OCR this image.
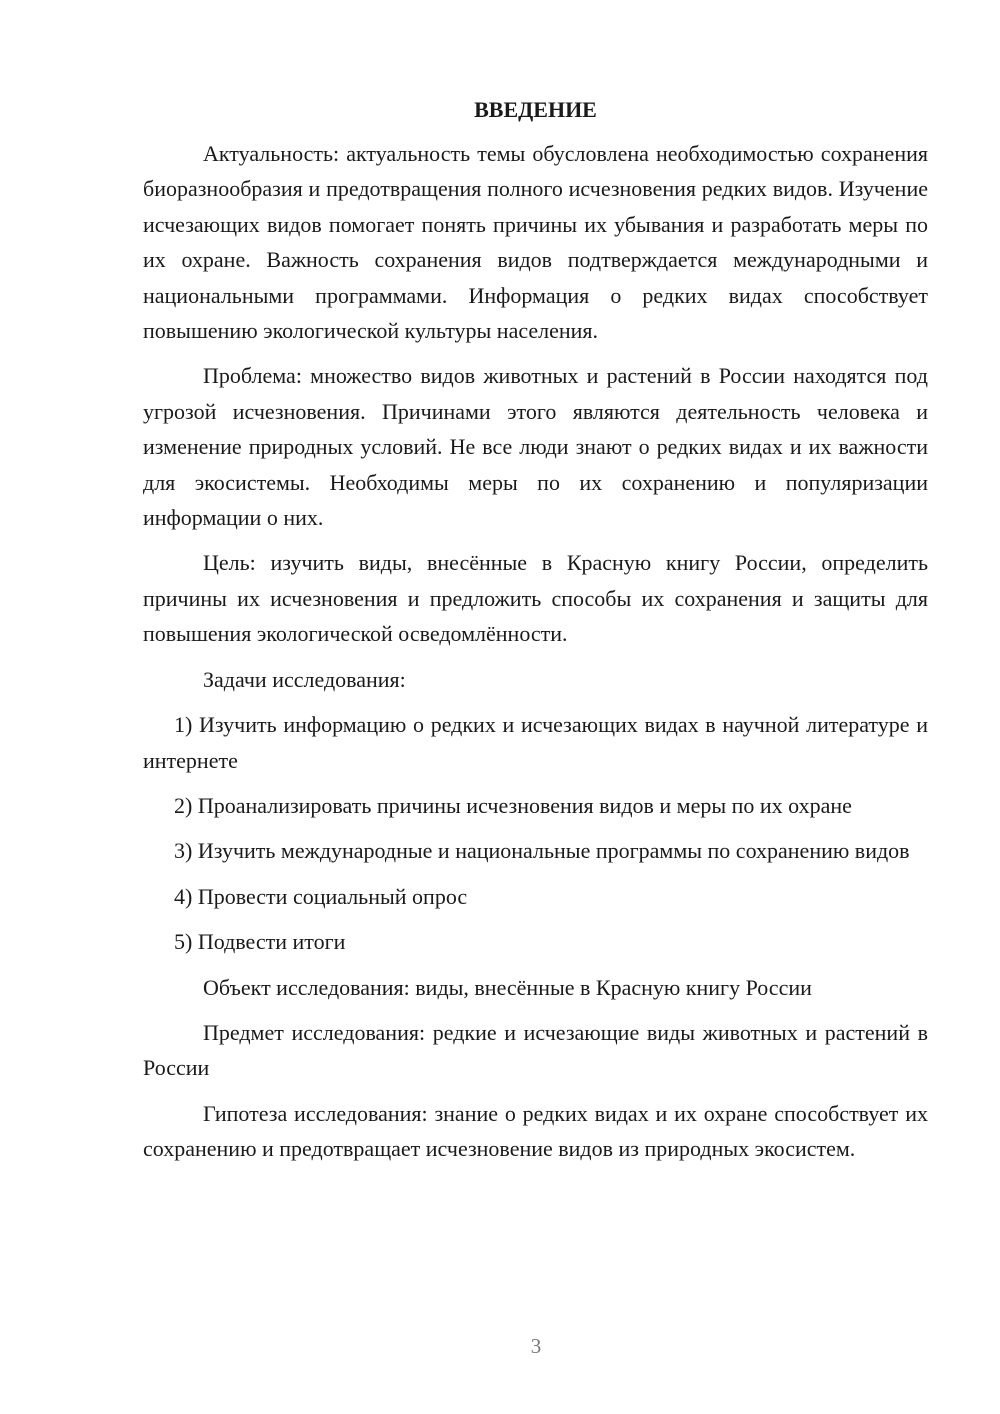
ВВЕДЕНИЕ

Актуальность: актуальность темы обусловлена необходимостью сохранения биоразнообразия и предотвращения полного исчезновения редких видов. Изучение исчезающих видов помогает понять причины их убывания и разработать меры по их охране. Важность сохранения видов подтверждается международными и национальными программами. Информация о редких видах способствует повышению экологической культуры населения.

Проблема: множество видов животных и растений в России находятся под угрозой исчезновения. Причинами этого являются деятельность человека и изменение природных условий. Не все люди знают о редких видах и их важности для экосистемы. Необходимы меры по их сохранению и популяризации информации о них.

Цель: изучить виды, внесённые в Красную книгу России, определить причины их исчезновения и предложить способы их сохранения и защиты для повышения экологической осведомлённости.

Задачи исследования:

1) Изучить информацию о редких и исчезающих видах в научной литературе и интернете

2) Проанализировать причины исчезновения видов и меры по их охране

3) Изучить международные и национальные программы по сохранению видов

4) Провести социальный опрос

5) Подвести итоги

Объект исследования: виды, внесённые в Красную книгу России

Предмет исследования: редкие и исчезающие виды животных и растений в России

Гипотеза исследования: знание о редких видах и их охране способствует их сохранению и предотвращает исчезновение видов из природных экосистем.

3
